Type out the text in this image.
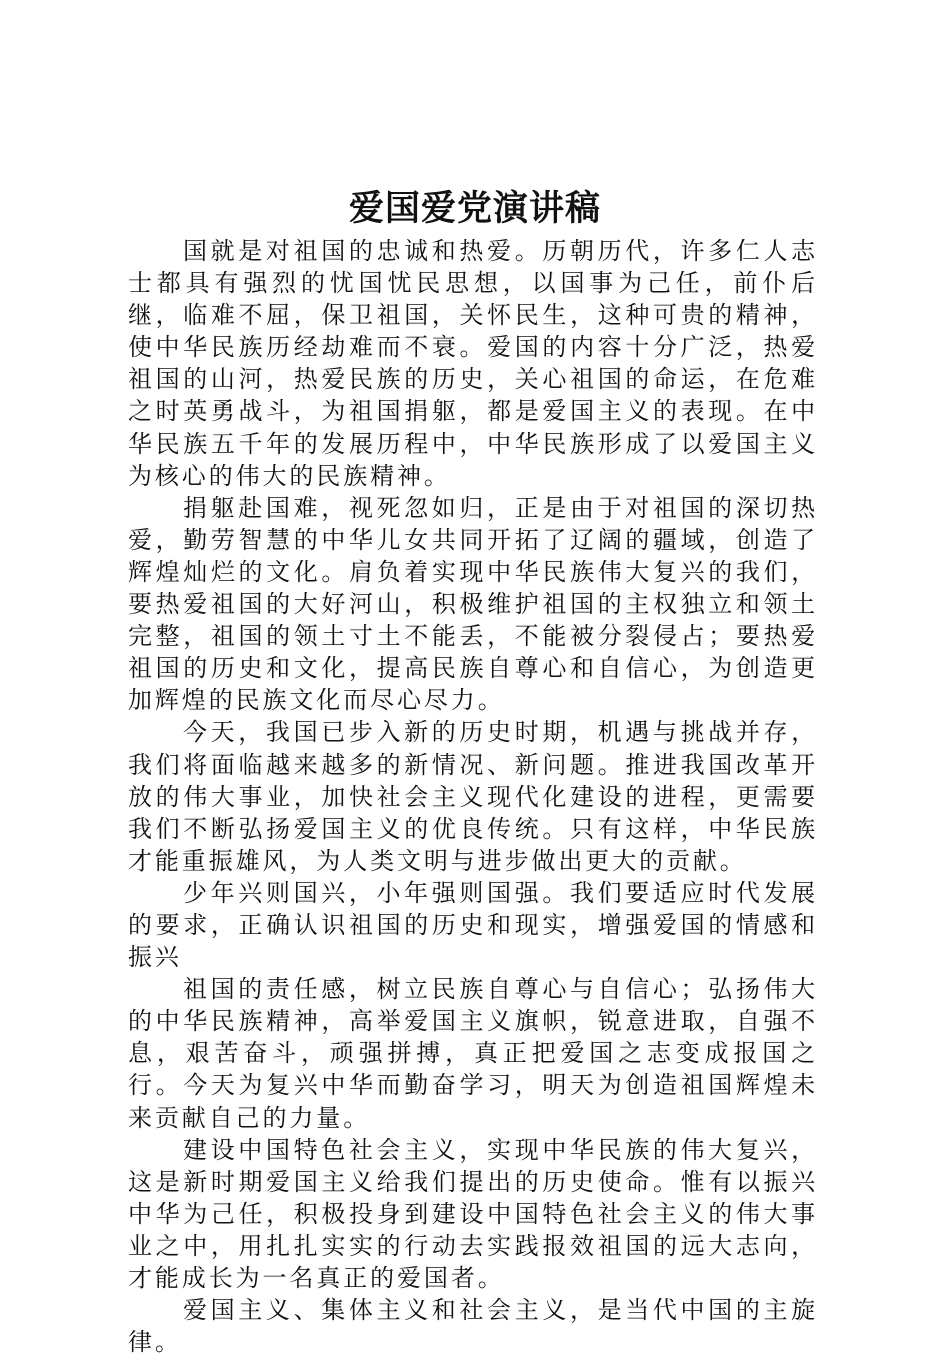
爱国爱党演讲稿

国就是对祖国的忠诚和热爱。历朝历代，许多仁人志士都具有强烈的忧国忧民思想，以国事为己任，前仆后继，临难不屈，保卫祖国，关怀民生，这种可贵的精神，使中华民族历经劫难而不衰。爱国的内容十分广泛，热爱祖国的山河，热爱民族的历史，关心祖国的命运，在危难之时英勇战斗，为祖国捐躯，都是爱国主义的表现。在中华民族五千年的发展历程中，中华民族形成了以爱国主义为核心的伟大的民族精神。

捐躯赴国难，视死忽如归，正是由于对祖国的深切热爱，勤劳智慧的中华儿女共同开拓了辽阔的疆域，创造了辉煌灿烂的文化。肩负着实现中华民族伟大复兴的我们，要热爱祖国的大好河山，积极维护祖国的主权独立和领土完整，祖国的领土寸土不能丢，不能被分裂侵占；要热爱祖国的历史和文化，提高民族自尊心和自信心，为创造更加辉煌的民族文化而尽心尽力。

今天，我国已步入新的历史时期，机遇与挑战并存，我们将面临越来越多的新情况、新问题。推进我国改革开放的伟大事业，加快社会主义现代化建设的进程，更需要我们不断弘扬爱国主义的优良传统。只有这样，中华民族才能重振雄风，为人类文明与进步做出更大的贡献。

少年兴则国兴，小年强则国强。我们要适应时代发展的要求，正确认识祖国的历史和现实，增强爱国的情感和振兴

祖国的责任感，树立民族自尊心与自信心；弘扬伟大的中华民族精神，高举爱国主义旗帜，锐意进取，自强不息，艰苦奋斗，顽强拼搏，真正把爱国之志变成报国之行。今天为复兴中华而勤奋学习，明天为创造祖国辉煌未来贡献自己的力量。

建设中国特色社会主义，实现中华民族的伟大复兴，这是新时期爱国主义给我们提出的历史使命。惟有以振兴中华为己任，积极投身到建设中国特色社会主义的伟大事业之中，用扎扎实实的行动去实践报效祖国的远大志向，才能成长为一名真正的爱国者。

爱国主义、集体主义和社会主义，是当代中国的主旋律。
